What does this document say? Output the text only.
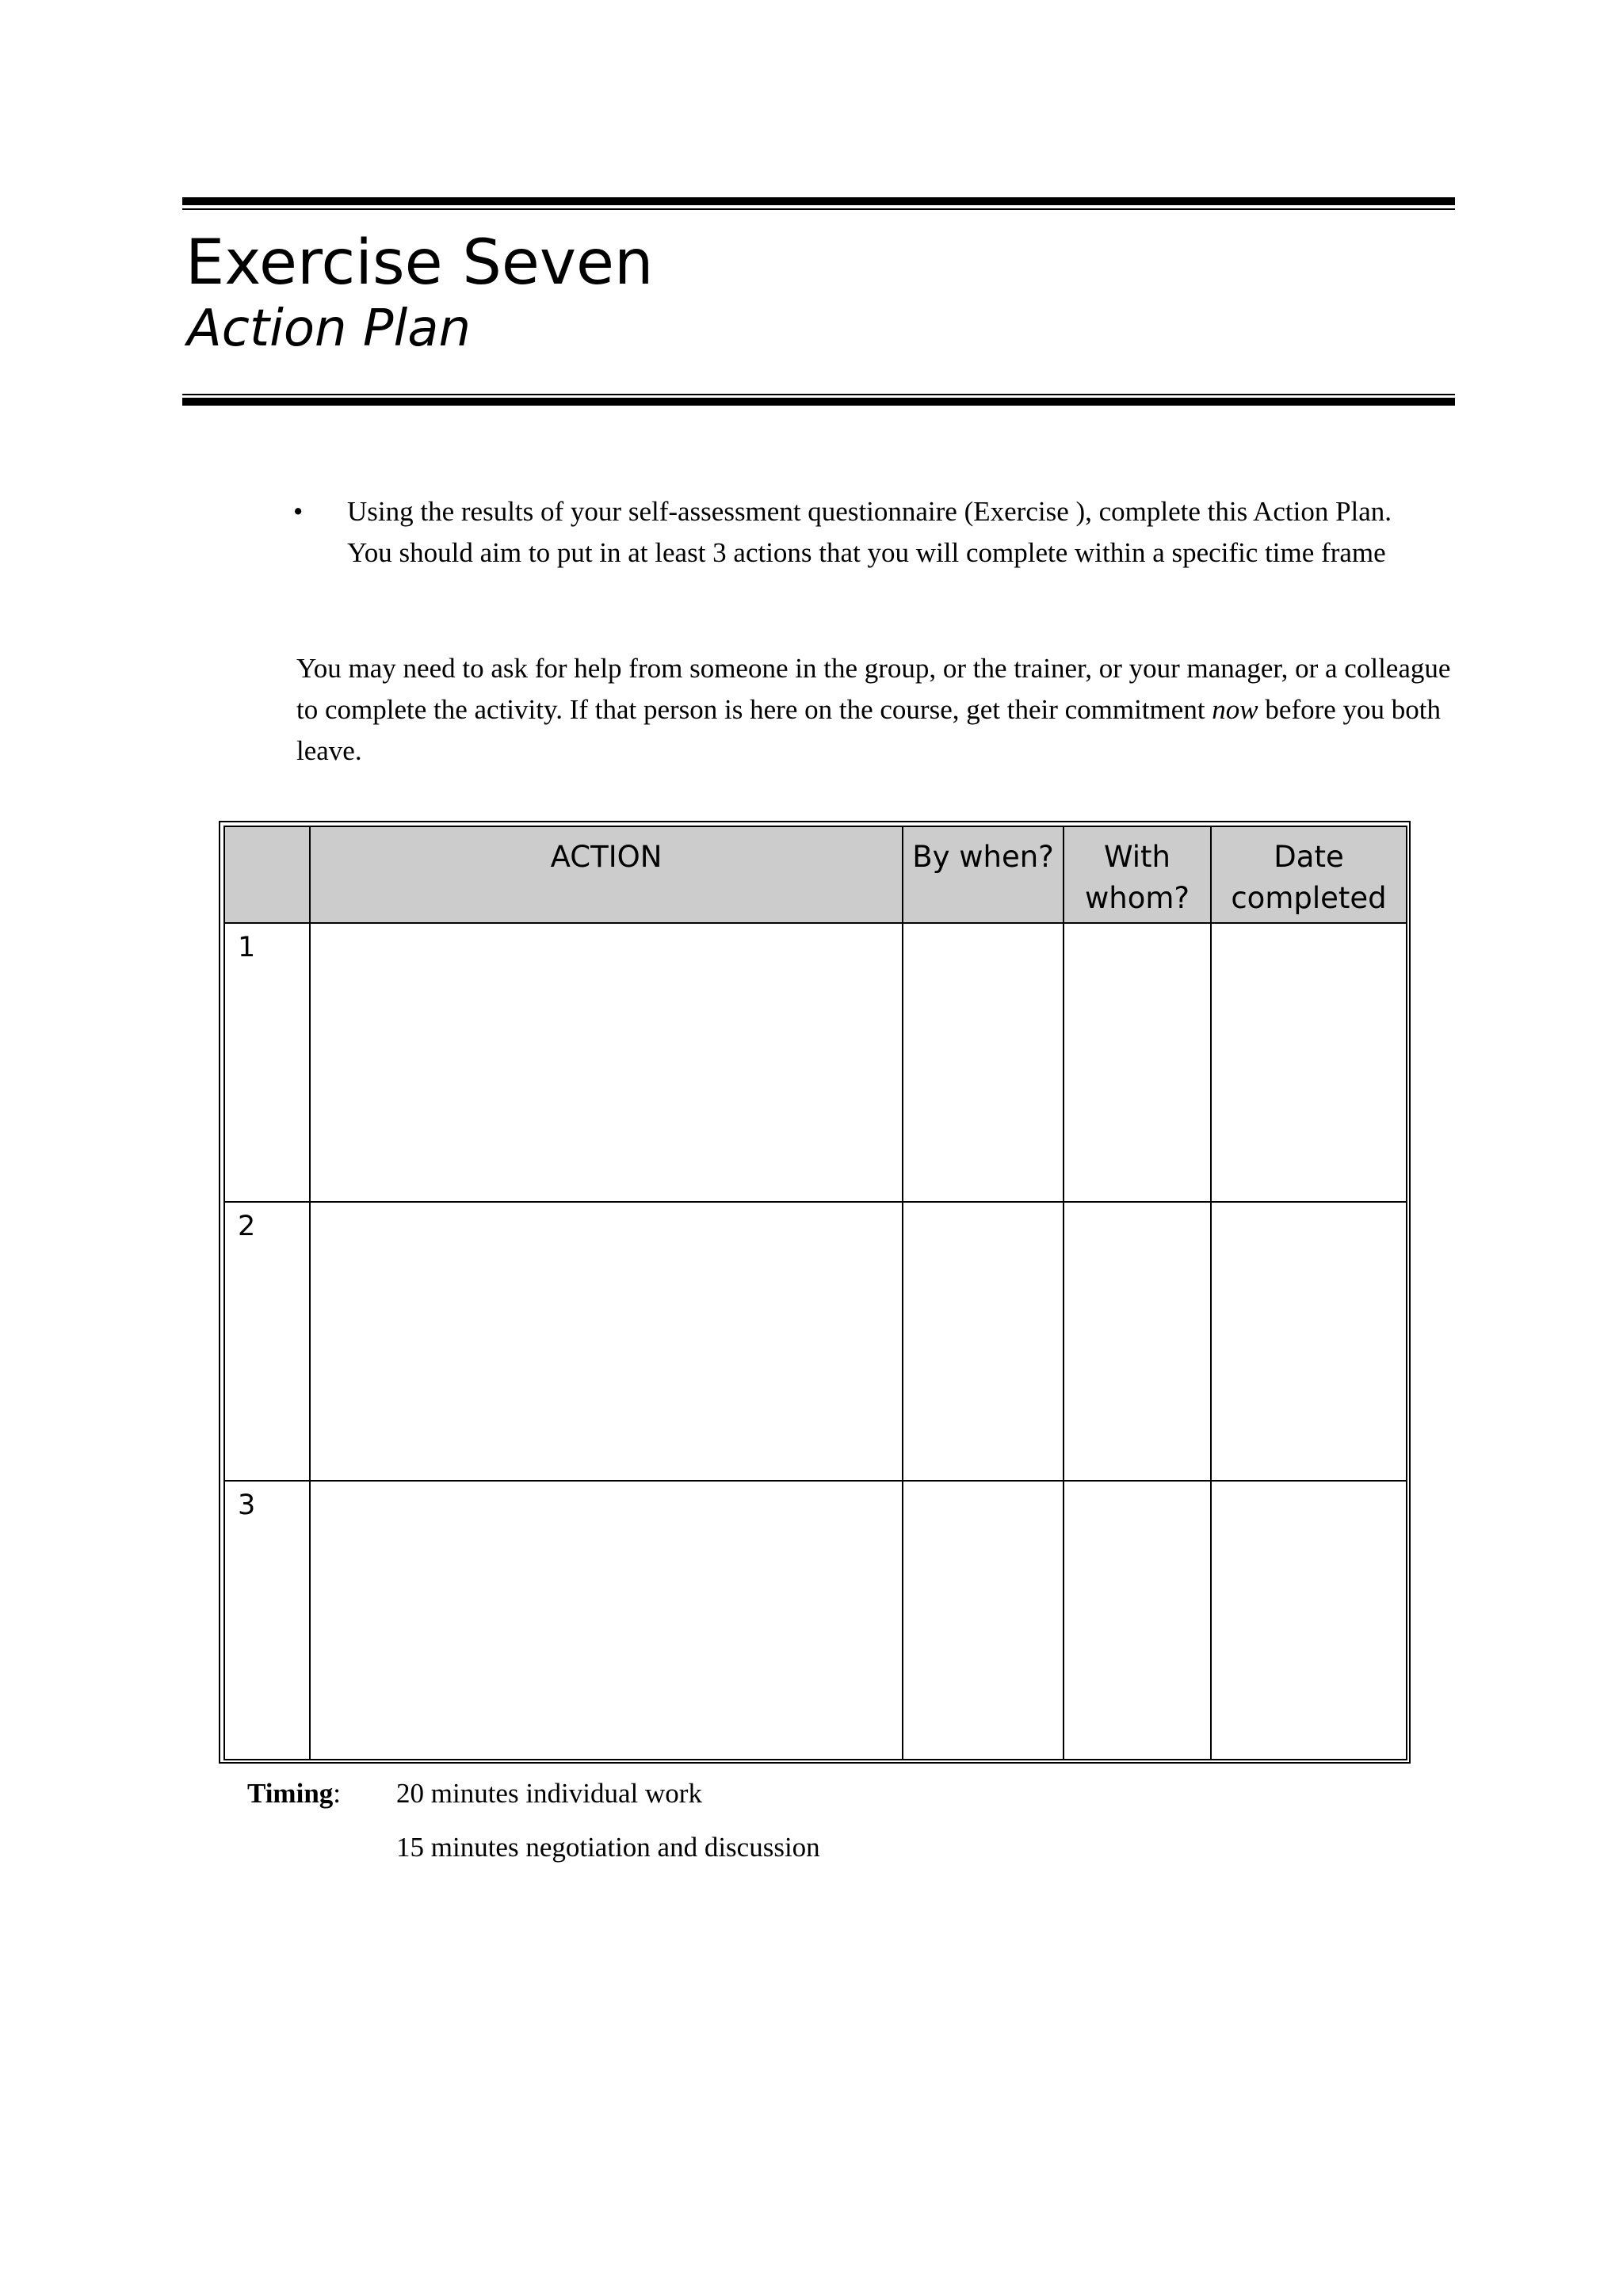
Exercise Seven
Action Plan
• Using the results of your self-assessment questionnaire (Exercise ), complete this Action Plan. You should aim to put in at least 3 actions that you will complete within a specific time frame
You may need to ask for help from someone in the group, or the trainer, or your manager, or a colleague to complete the activity. If that person is here on the course, get their commitment now before you both leave.
	ACTION	By when?	With whom?	Date completed
1				
2				
3				
Timing: 20 minutes individual work
15 minutes negotiation and discussion
